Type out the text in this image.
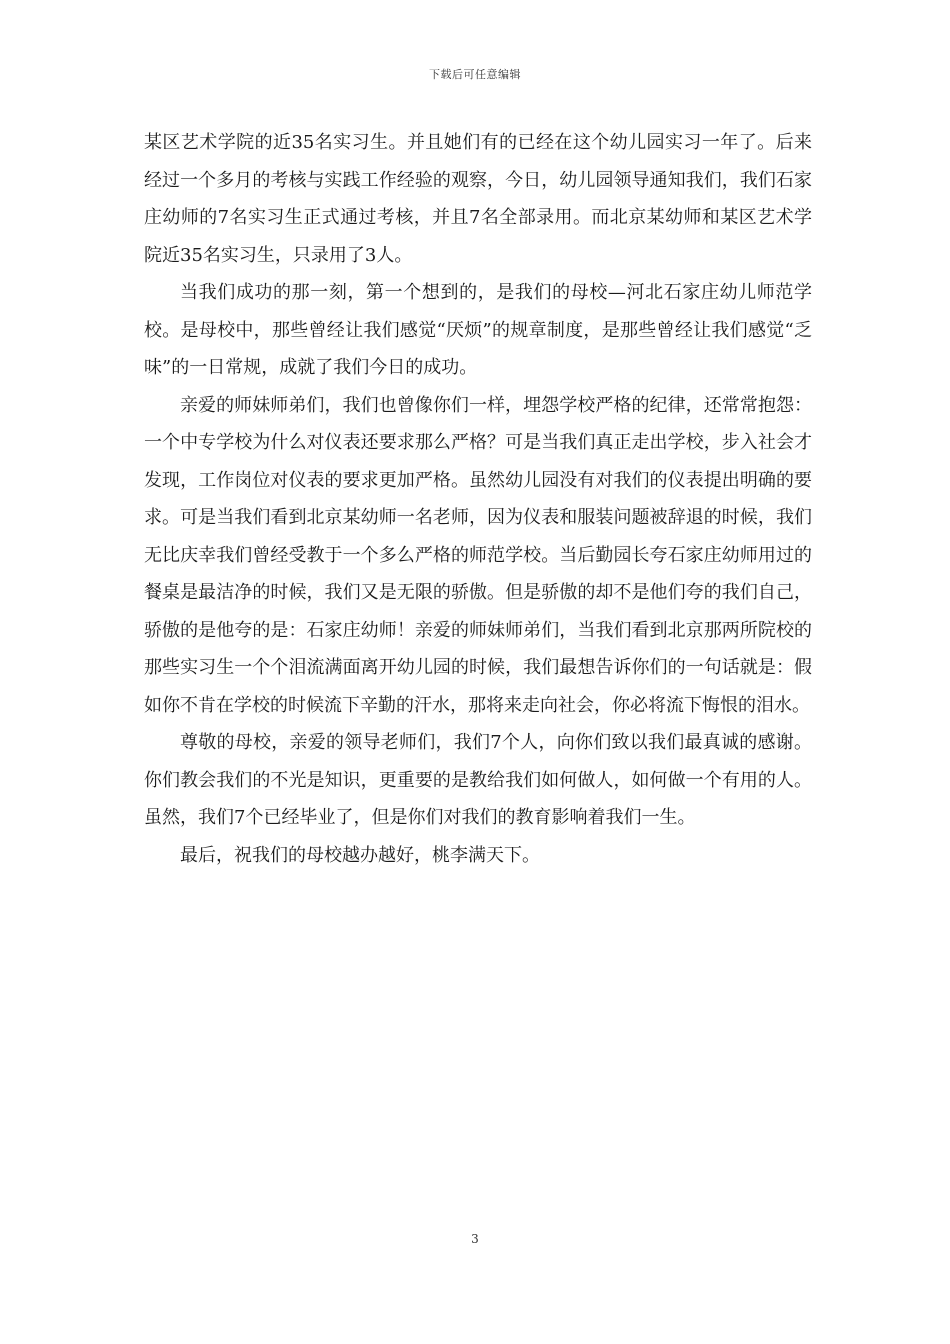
下载后可任意编辑

某区艺术学院的近35名实习生。并且她们有的已经在这个幼儿园实习一年了。后来经过一个多月的考核与实践工作经验的观察，今日，幼儿园领导通知我们，我们石家庄幼师的7名实习生正式通过考核，并且7名全部录用。而北京某幼师和某区艺术学院近35名实习生，只录用了3人。

当我们成功的那一刻，第一个想到的，是我们的母校—河北石家庄幼儿师范学校。是母校中，那些曾经让我们感觉“厌烦”的规章制度，是那些曾经让我们感觉“乏味”的一日常规，成就了我们今日的成功。

亲爱的师妹师弟们，我们也曾像你们一样，埋怨学校严格的纪律，还常常抱怨：一个中专学校为什么对仪表还要求那么严格？可是当我们真正走出学校，步入社会才发现，工作岗位对仪表的要求更加严格。虽然幼儿园没有对我们的仪表提出明确的要求。可是当我们看到北京某幼师一名老师，因为仪表和服装问题被辞退的时候，我们无比庆幸我们曾经受教于一个多么严格的师范学校。当后勤园长夸石家庄幼师用过的餐桌是最洁净的时候，我们又是无限的骄傲。但是骄傲的却不是他们夸的我们自己，骄傲的是他夸的是：石家庄幼师！亲爱的师妹师弟们，当我们看到北京那两所院校的那些实习生一个个泪流满面离开幼儿园的时候，我们最想告诉你们的一句话就是：假如你不肯在学校的时候流下辛勤的汗水，那将来走向社会，你必将流下悔恨的泪水。

尊敬的母校，亲爱的领导老师们，我们7个人，向你们致以我们最真诚的感谢。你们教会我们的不光是知识，更重要的是教给我们如何做人，如何做一个有用的人。虽然，我们7个已经毕业了，但是你们对我们的教育影响着我们一生。

最后，祝我们的母校越办越好，桃李满天下。

3
